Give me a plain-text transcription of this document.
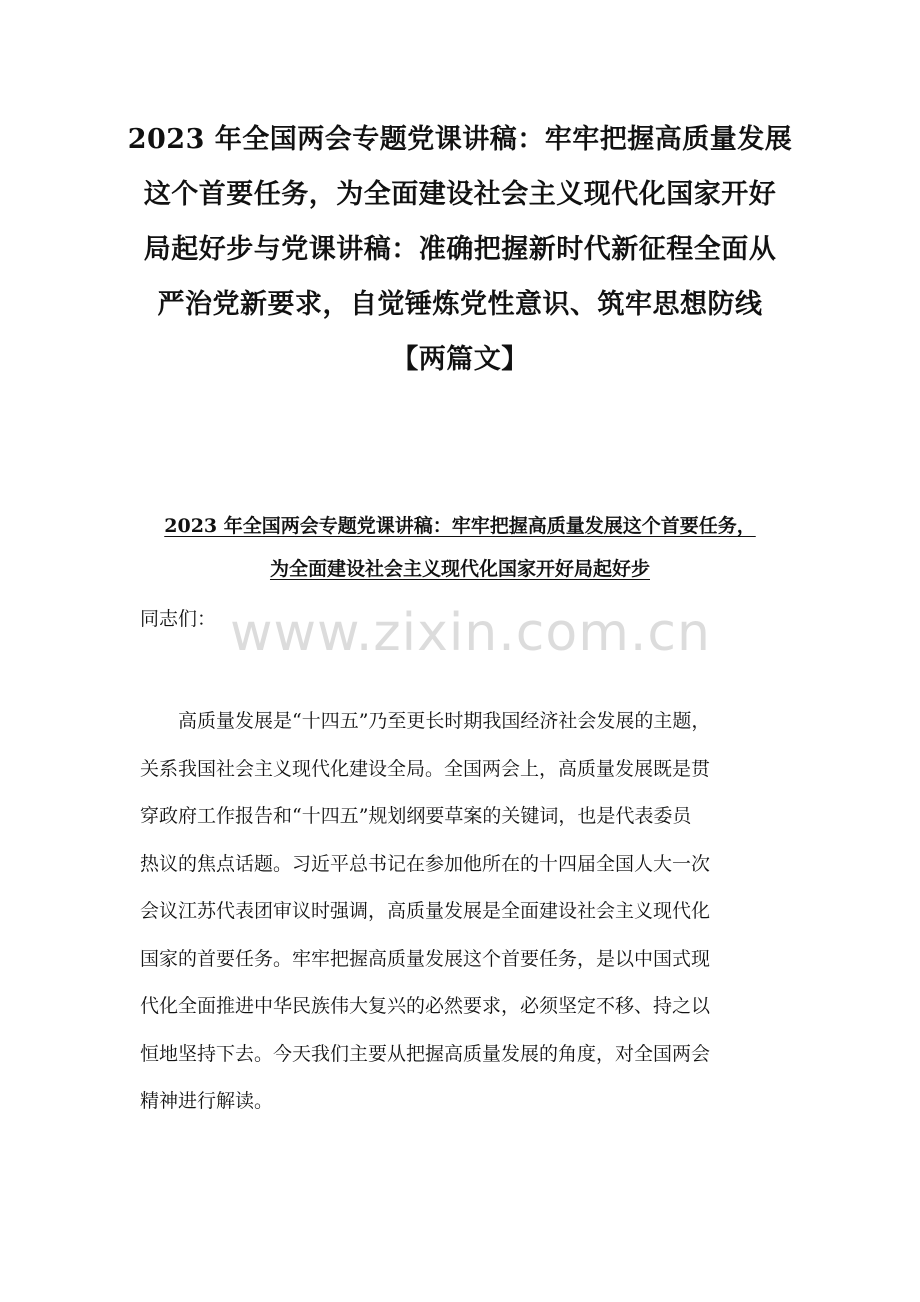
2023 年全国两会专题党课讲稿：牢牢把握高质量发展
这个首要任务，为全面建设社会主义现代化国家开好
局起好步与党课讲稿：准确把握新时代新征程全面从
严治党新要求，自觉锤炼党性意识、筑牢思想防线
【两篇文】
2023 年全国两会专题党课讲稿：牢牢把握高质量发展这个首要任务，
为全面建设社会主义现代化国家开好局起好步
www.zixin.com.cn
同志们：
高质量发展是“十四五”乃至更长时期我国经济社会发展的主题，
关系我国社会主义现代化建设全局。全国两会上，高质量发展既是贯
穿政府工作报告和“十四五”规划纲要草案的关键词，也是代表委员
热议的焦点话题。习近平总书记在参加他所在的十四届全国人大一次
会议江苏代表团审议时强调，高质量发展是全面建设社会主义现代化
国家的首要任务。牢牢把握高质量发展这个首要任务，是以中国式现
代化全面推进中华民族伟大复兴的必然要求，必须坚定不移、持之以
恒地坚持下去。今天我们主要从把握高质量发展的角度，对全国两会
精神进行解读。
